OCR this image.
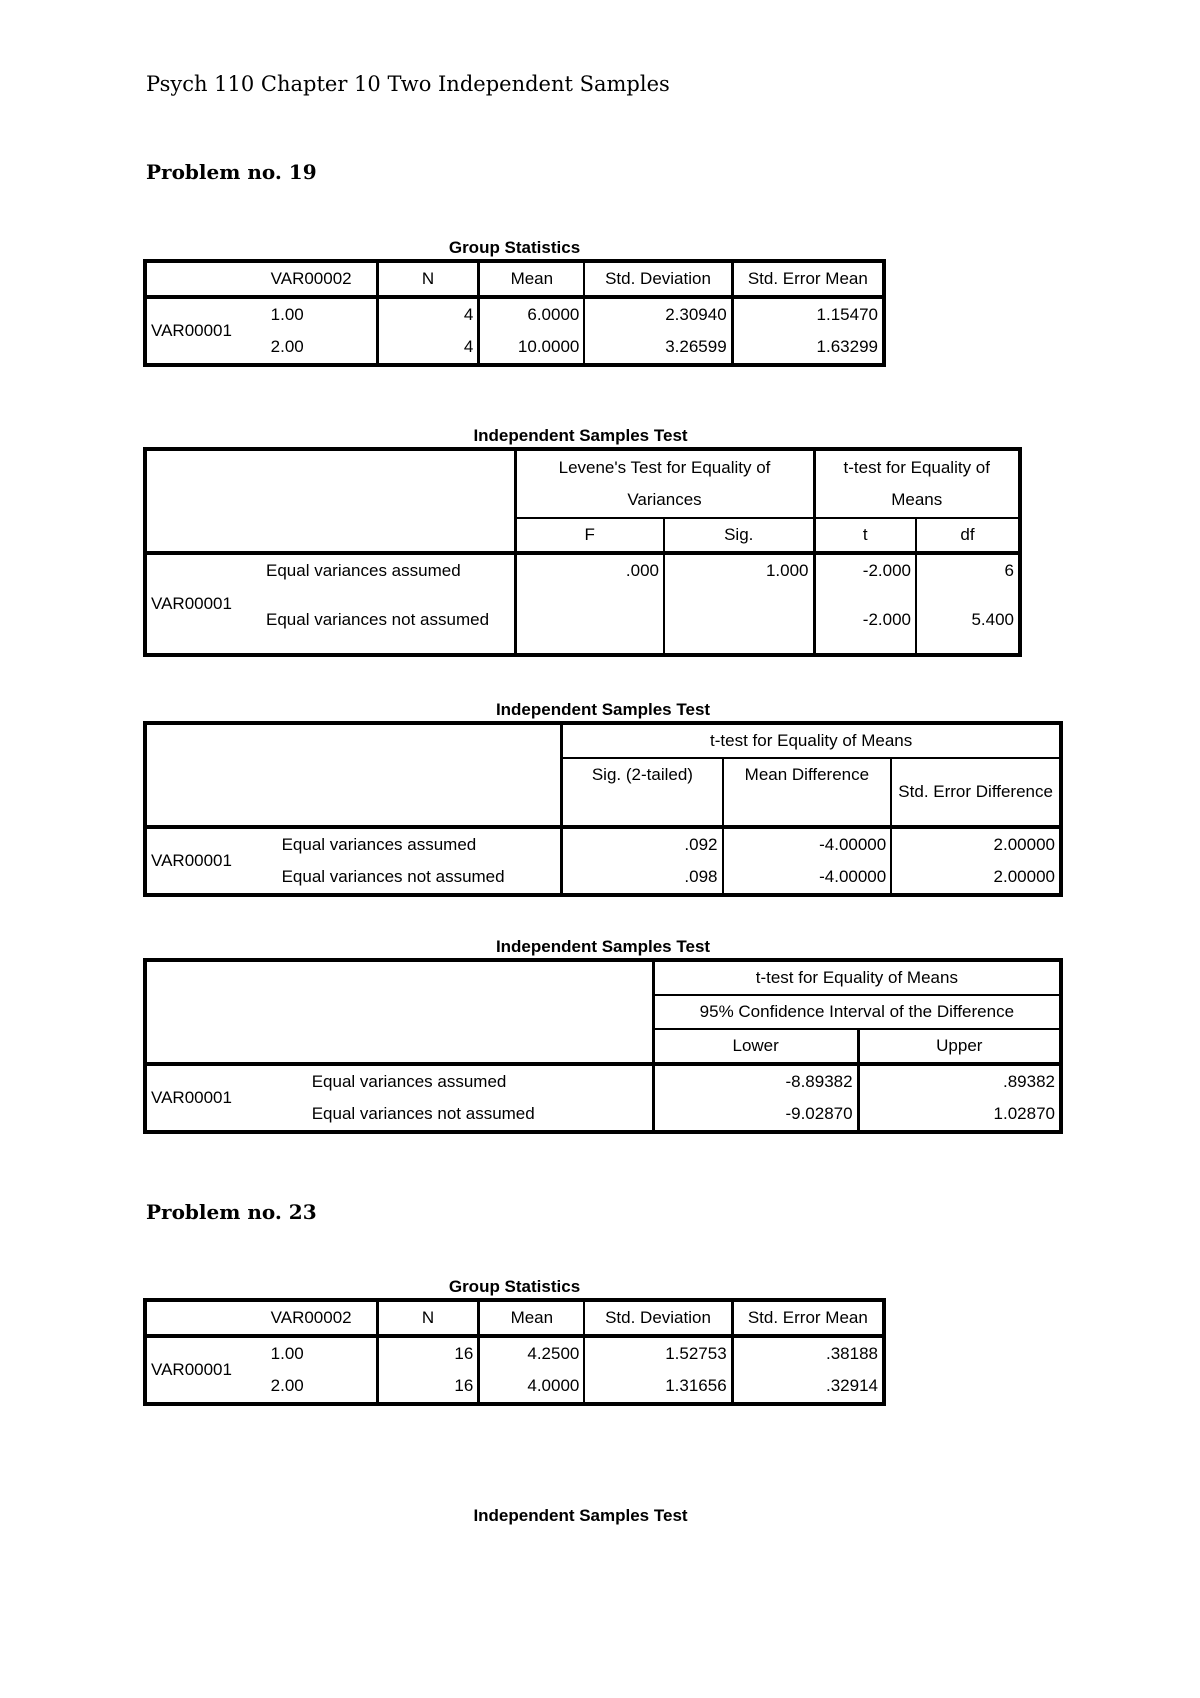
Psych 110 Chapter 10 Two Independent Samples
Problem no. 19
Group Statistics
	VAR00002	N	Mean	Std. Deviation	Std. Error Mean
VAR00001	1.00	4	6.0000	2.30940	1.15470
	2.00	4	10.0000	3.26599	1.63299
Independent Samples Test
		Levene's Test for Equality of Variances		t-test for Equality of Means	
		F	Sig.	t	df
VAR00001	Equal variances assumed	.000	1.000	-2.000	6
	Equal variances not assumed			-2.000	5.400
Independent Samples Test
		t-test for Equality of Means		
		Sig. (2-tailed)	Mean Difference	Std. Error Difference
VAR00001	Equal variances assumed	.092	-4.00000	2.00000
	Equal variances not assumed	.098	-4.00000	2.00000
Independent Samples Test
		t-test for Equality of Means	
		95% Confidence Interval of the Difference	
		Lower	Upper
VAR00001	Equal variances assumed	-8.89382	.89382
	Equal variances not assumed	-9.02870	1.02870
Problem no. 23
Group Statistics
	VAR00002	N	Mean	Std. Deviation	Std. Error Mean
VAR00001	1.00	16	4.2500	1.52753	.38188
	2.00	16	4.0000	1.31656	.32914
Independent Samples Test
